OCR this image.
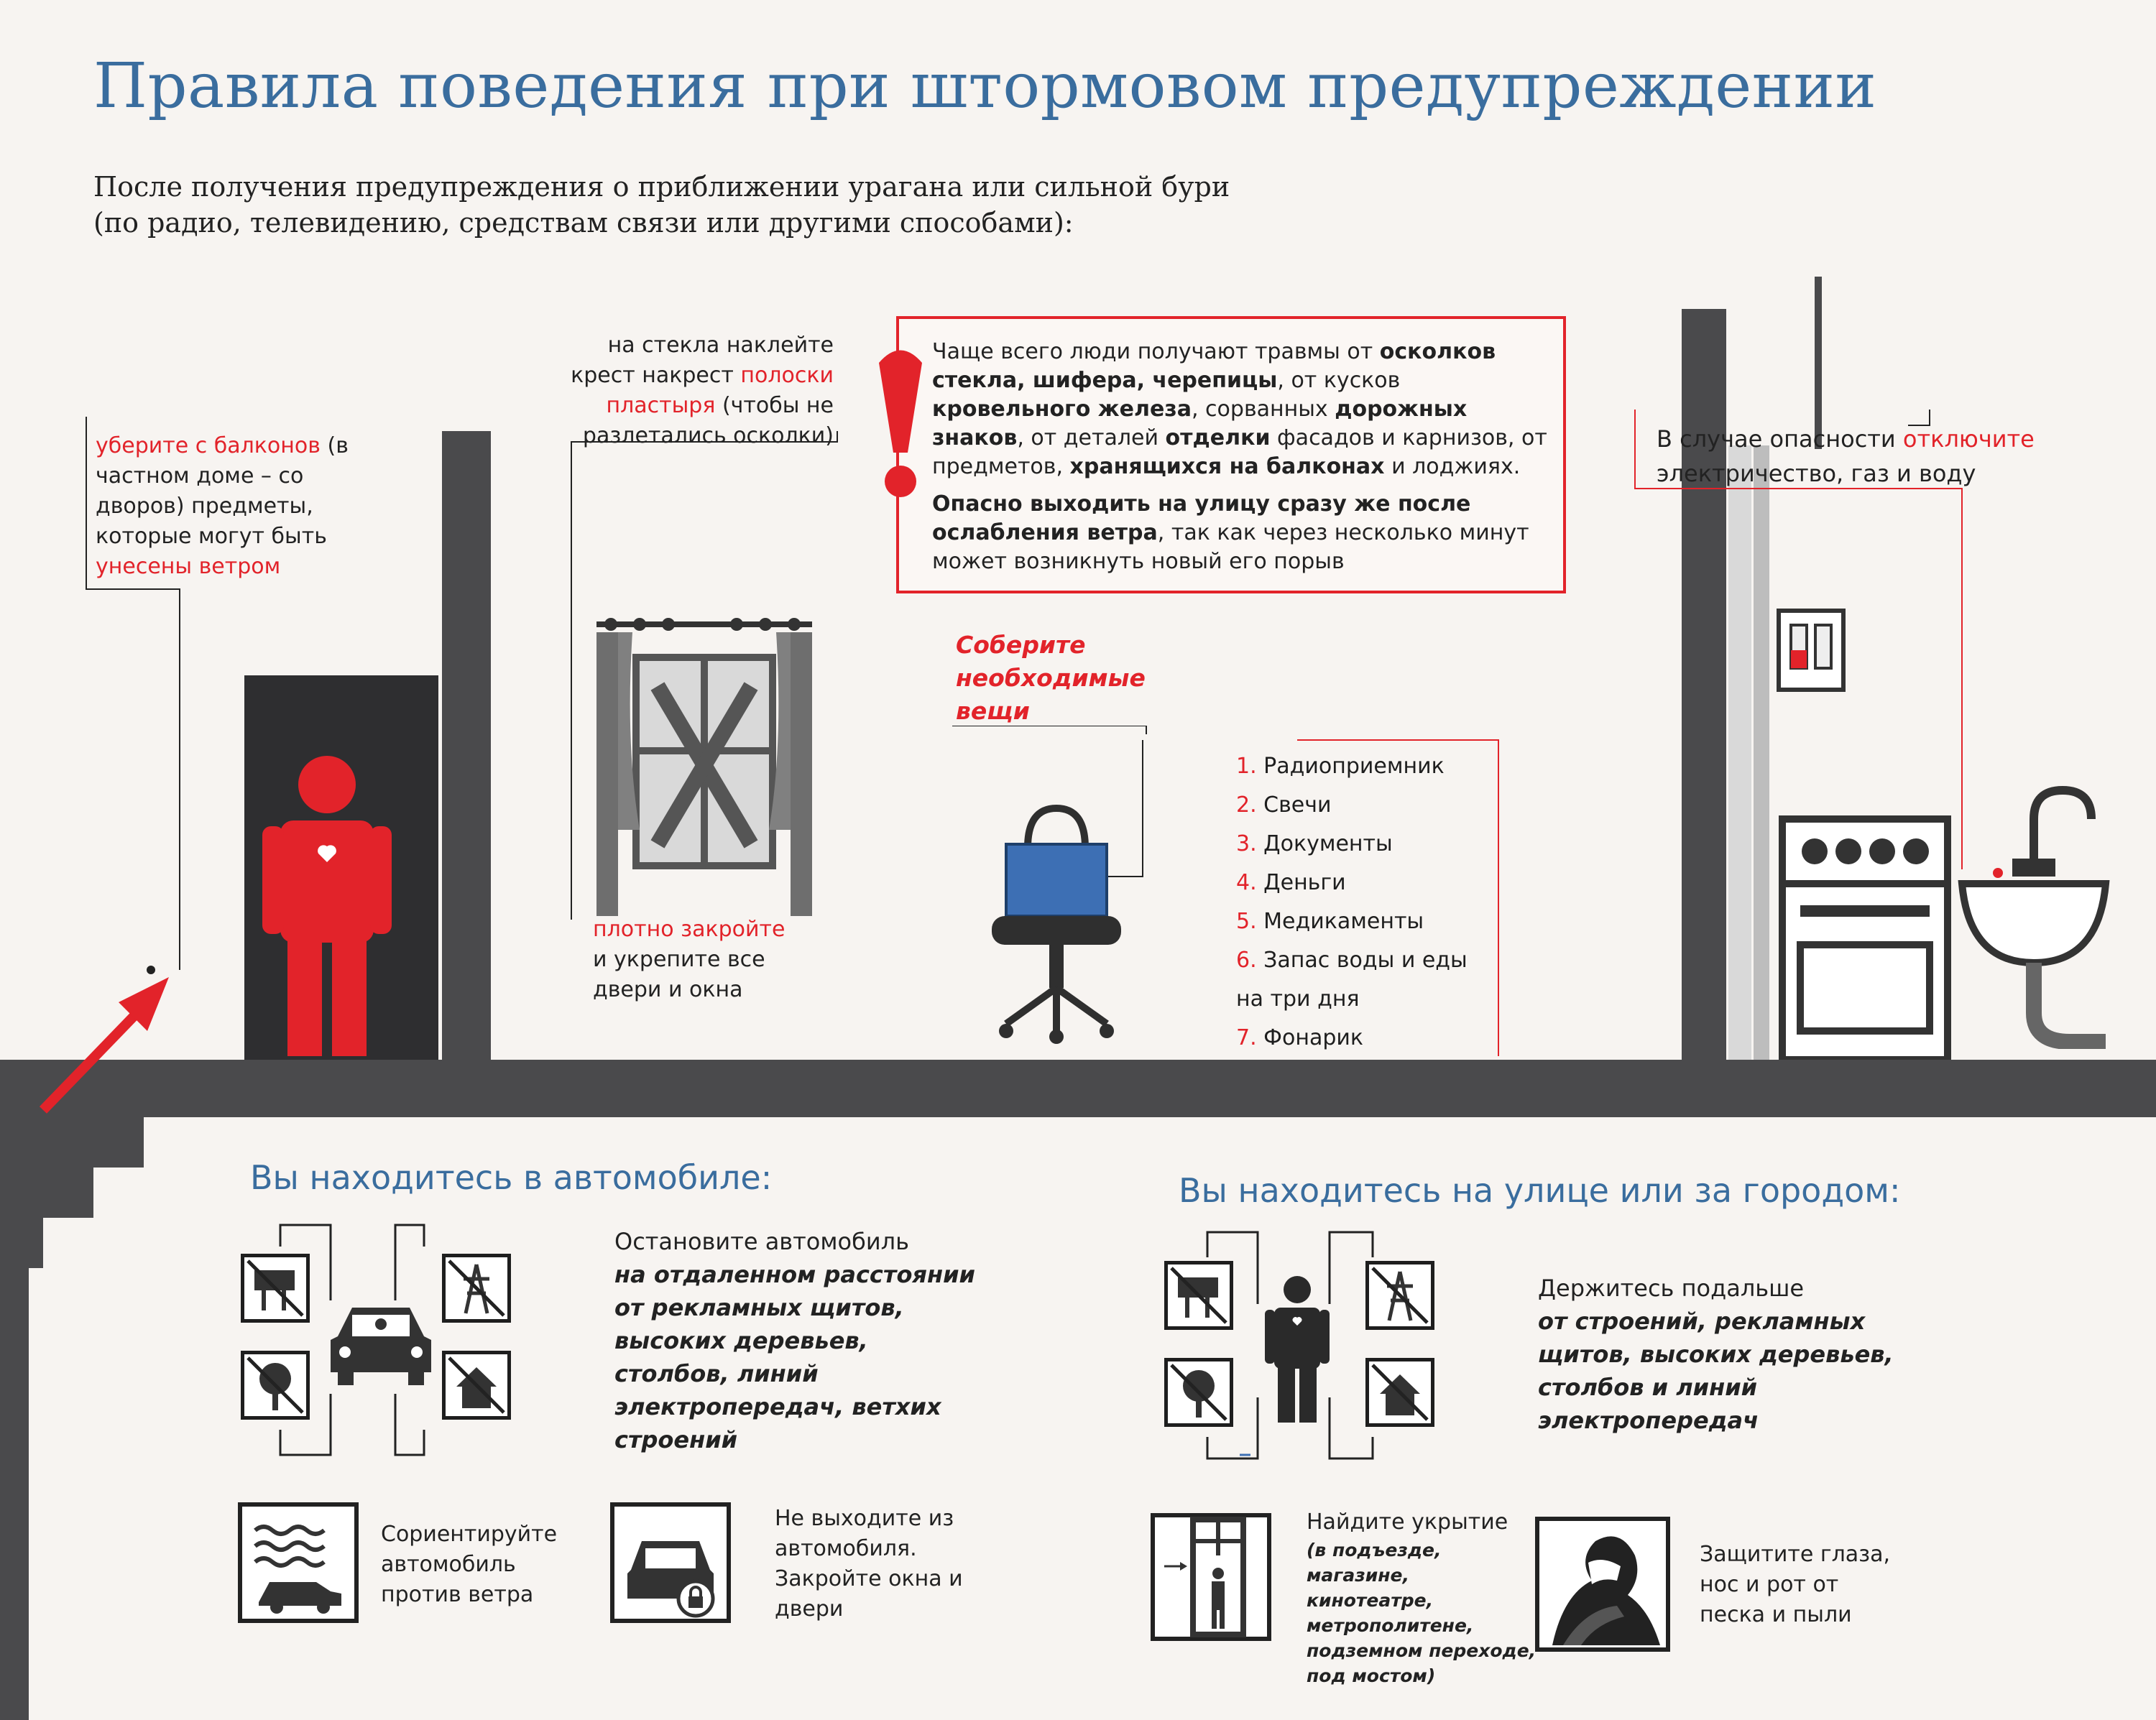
Правила поведения при штормовом предупреждении
После получения предупреждения о приближении урагана или сильной бури (по радио, телевидению, средствам связи или другими способами):
уберите с балконов (в частном доме – со дворов) предметы, которые могут быть унесены ветром
на стекла наклейте крест накрест полоски пластыря (чтобы не разлетались осколки)
плотно закройте
и укрепите все двери и окна
Чаще всего люди получают травмы от осколков стекла, шифера, черепицы, от кусков кровельного железа, сорванных дорожных знаков, от деталей отделки фасадов и карнизов, от предметов, хранящихся на балконах и лоджиях.
Опасно выходить на улицу сразу же после ослабления ветра, так как через несколько минут может возникнуть новый его порыв
Соберите необходимые вещи
1. Радиоприемник
2. Свечи
3. Документы
4. Деньги
5. Медикаменты
6. Запас воды и еды
на три дня
7. Фонарик
В случае опасности отключите электричество, газ и воду
Вы находитесь в автомобиле:
Остановите автомобиль
на отдаленном расстоянии от рекламных щитов, высоких деревьев, столбов, линий электропередач, ветхих строений
Сориентируйте автомобиль против ветра
Не выходите из автомобиля. Закройте окна и двери
Вы находитесь на улице или за городом:
Держитесь подальше
от строений, рекламных щитов, высоких деревьев, столбов и линий электропередач
Найдите укрытие
(в подъезде, магазине, кинотеатре, метрополитене, подземном переходе, под мостом)
Защитите глаза, нос и рот от песка и пыли
